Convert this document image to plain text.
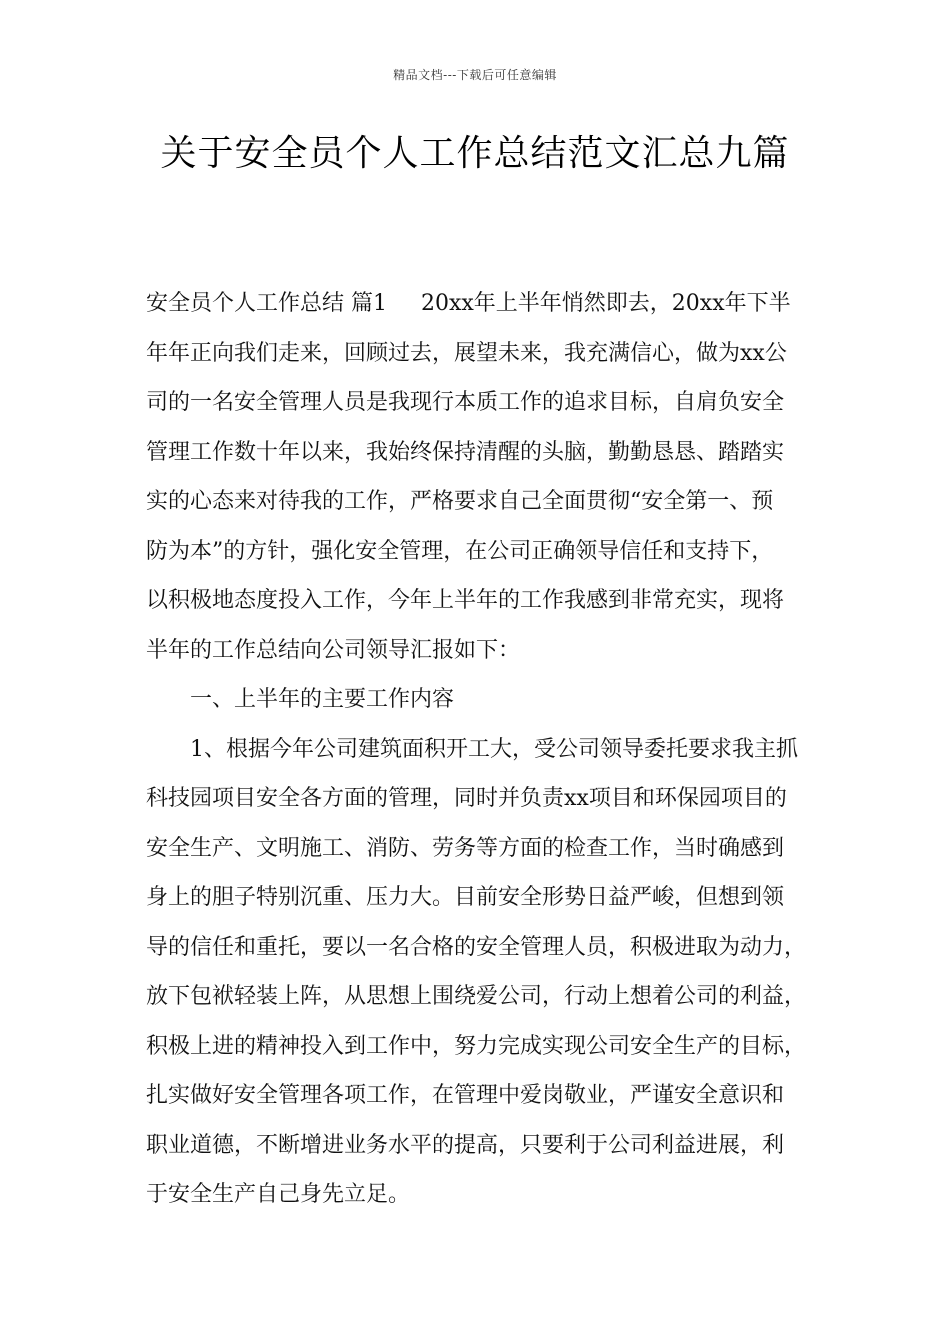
精品文档---下载后可任意编辑
关于安全员个人工作总结范文汇总九篇
安全员个人工作总结 篇1 20xx年上半年悄然即去，20xx年下半
年年正向我们走来，回顾过去，展望未来，我充满信心，做为xx公
司的一名安全管理人员是我现行本质工作的追求目标，自肩负安全
管理工作数十年以来，我始终保持清醒的头脑，勤勤恳恳、踏踏实
实的心态来对待我的工作，严格要求自己全面贯彻“安全第一、预
防为本”的方针，强化安全管理，在公司正确领导信任和支持下，
以积极地态度投入工作，今年上半年的工作我感到非常充实，现将
半年的工作总结向公司领导汇报如下：
一、上半年的主要工作内容
1、根据今年公司建筑面积开工大，受公司领导委托要求我主抓
科技园项目安全各方面的管理，同时并负责xx项目和环保园项目的
安全生产、文明施工、消防、劳务等方面的检查工作，当时确感到
身上的胆子特别沉重、压力大。目前安全形势日益严峻，但想到领
导的信任和重托，要以一名合格的安全管理人员，积极进取为动力，
放下包袱轻装上阵，从思想上围绕爱公司，行动上想着公司的利益，
积极上进的精神投入到工作中，努力完成实现公司安全生产的目标，
扎实做好安全管理各项工作，在管理中爱岗敬业，严谨安全意识和
职业道德，不断增进业务水平的提高，只要利于公司利益进展，利
于安全生产自己身先立足。
